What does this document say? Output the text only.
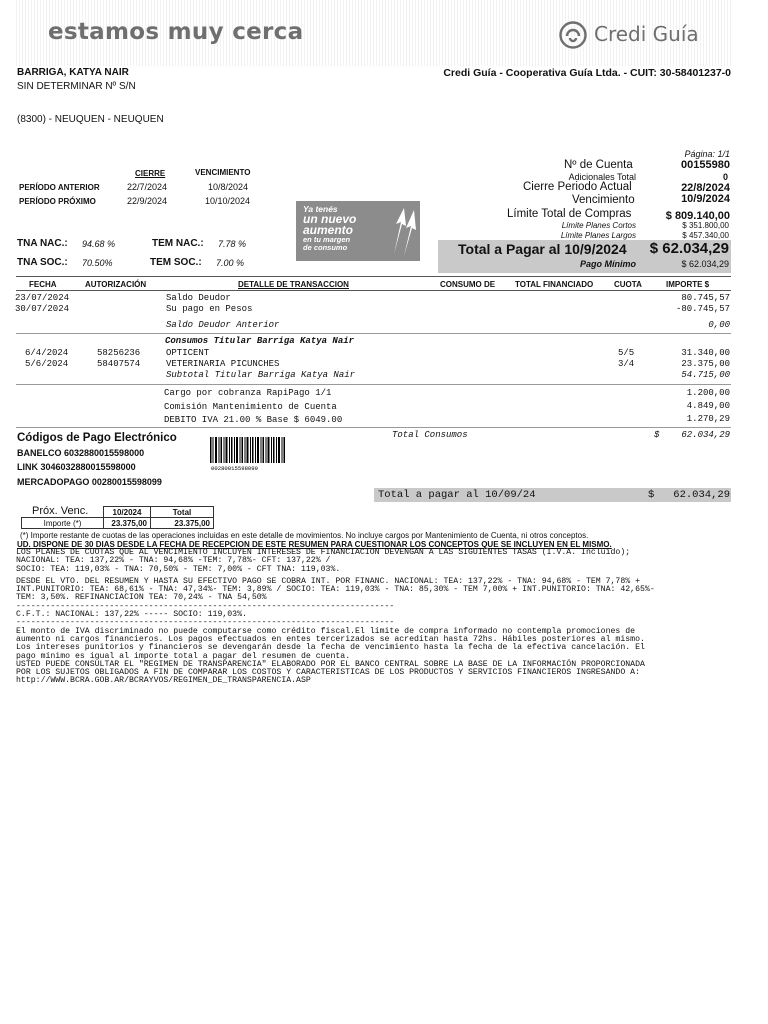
estamos muy cerca	Credi Guía
BARRIGA, KATYA NAIR
SIN DETERMINAR Nº S/N
(8300) - NEUQUEN - NEUQUEN
Credi Guía - Cooperativa Guía Ltda. - CUIT: 30-58401237-0
Página: 1/1
CIERRE	VENCIMIENTO
PERÍODO ANTERIOR	22/7/2024	10/8/2024
PERÍODO PRÓXIMO	22/9/2024	10/10/2024
TNA NAC.: 94.68 %	TEM NAC.: 7.78 %
TNA SOC.: 70.50%	TEM SOC.: 7.00 %
Ya tenés
un nuevo
aumento
en tu margen
de consumo
Nº de Cuenta	00155980
Adicionales Total	0
Cierre Periodo Actual	22/8/2024
Vencimiento	10/9/2024
Límite Total de Compras	$ 809.140,00
Límite Planes Cortos	$ 351.800,00
Límite Planes Largos	$ 457.340,00
Total a Pagar al 10/9/2024	$ 62.034,29
Pago Mínimo	$ 62.034,29
FECHA	AUTORIZACIÓN	DETALLE DE TRANSACCION	CONSUMO DE TOTAL FINANCIADO	CUOTA	IMPORTE $
23/07/2024	Saldo Deudor	80.745,57
30/07/2024	Su pago en Pesos	-80.745,57
Saldo Deudor Anterior	0,00
Consumos Titular Barriga Katya Nair
6/4/2024	58256236	OPTICENT	5/5	31.340,00
5/6/2024	58407574	VETERINARIA PICUNCHES	3/4	23.375,00
Subtotal Titular Barriga Katya Nair	54.715,00
Cargo por cobranza RapiPago 1/1	1.200,00
Comisión Mantenimiento de Cuenta	4.849,00
DEBITO IVA 21.00 % Base $ 6049.00	1.270,29
Total Consumos	$	62.034,29
Códigos de Pago Electrónico
BANELCO 6032880015598000
LINK 3046032880015598000
MERCADOPAGO 00280015598099
00280015598099
Total a pagar al 10/09/24	$	62.034,29
Próx. Venc.
		10/2024	Total
Importe (*)	23.375,00	23.375,00
(*) Importe restante de cuotas de las operaciones incluidas en este detalle de movimientos. No incluye cargos por Mantenimiento de Cuenta, ni otros conceptos.
UD. DISPONE DE 30 DIAS DESDE LA FECHA DE RECEPCION DE ESTE RESUMEN PARA CUESTIONAR LOS CONCEPTOS QUE SE INCLUYEN EN EL MISMO.
LOS PLANES DE CUOTAS QUE AL VENCIMIENTO INCLUYEN INTERESES DE FINANCIACION DEVENGAN A LAS SIGUIENTES TASAS (I.V.A. Incluido);
NACIONAL: TEA: 137,22% - TNA: 94,68% -TEM: 7,78%- CFT: 137,22% /
SOCIO: TEA: 119,03% - TNA: 70,50% - TEM: 7,00% - CFT TNA: 119,03%.

DESDE EL VTO. DEL RESUMEN Y HASTA SU EFECTIVO PAGO SE COBRA INT. POR FINANC. NACIONAL: TEA: 137,22% - TNA: 94,68% - TEM 7,78% +
INT.PUNITORIO: TEA: 68,61% - TNA: 47,34%- TEM: 3,89% / SOCIO: TEA: 119,03% - TNA: 85,30% - TEM 7,00% + INT.PUNITORIO: TNA: 42,65%-
TEM: 3,50%. REFINANCIACION TEA: 70,24% - TNA 54,50%
-----------------------------------------------------------------------------
C.F.T.: NACIONAL: 137,22% ----- SOCIO: 119,03%.
-----------------------------------------------------------------------------
El monto de IVA discriminado no puede computarse como crédito fiscal.El límite de compra informado no contempla promociones de
aumento ni cargos financieros. Los pagos efectuados en entes tercerizados se acreditan hasta 72hs. Hábiles posteriores al mismo.
Los intereses punitorios y financieros se devengarán desde la fecha de vencimiento hasta la fecha de la efectiva cancelación. El
pago mínimo es igual al importe total a pagar del resumen de cuenta.
USTED PUEDE CONSULTAR EL "REGIMEN DE TRANSPARENCIA" ELABORADO POR EL BANCO CENTRAL SOBRE LA BASE DE LA INFORMACIÓN PROPORCIONADA
POR LOS SUJETOS OBLIGADOS A FIN DE COMPARAR LOS COSTOS Y CARACTERISTICAS DE LOS PRODUCTOS Y SERVICIOS FINANCIEROS INGRESANDO A:
http://WWW.BCRA.GOB.AR/BCRAYVOS/REGIMEN_DE_TRANSPARENCIA.ASP
